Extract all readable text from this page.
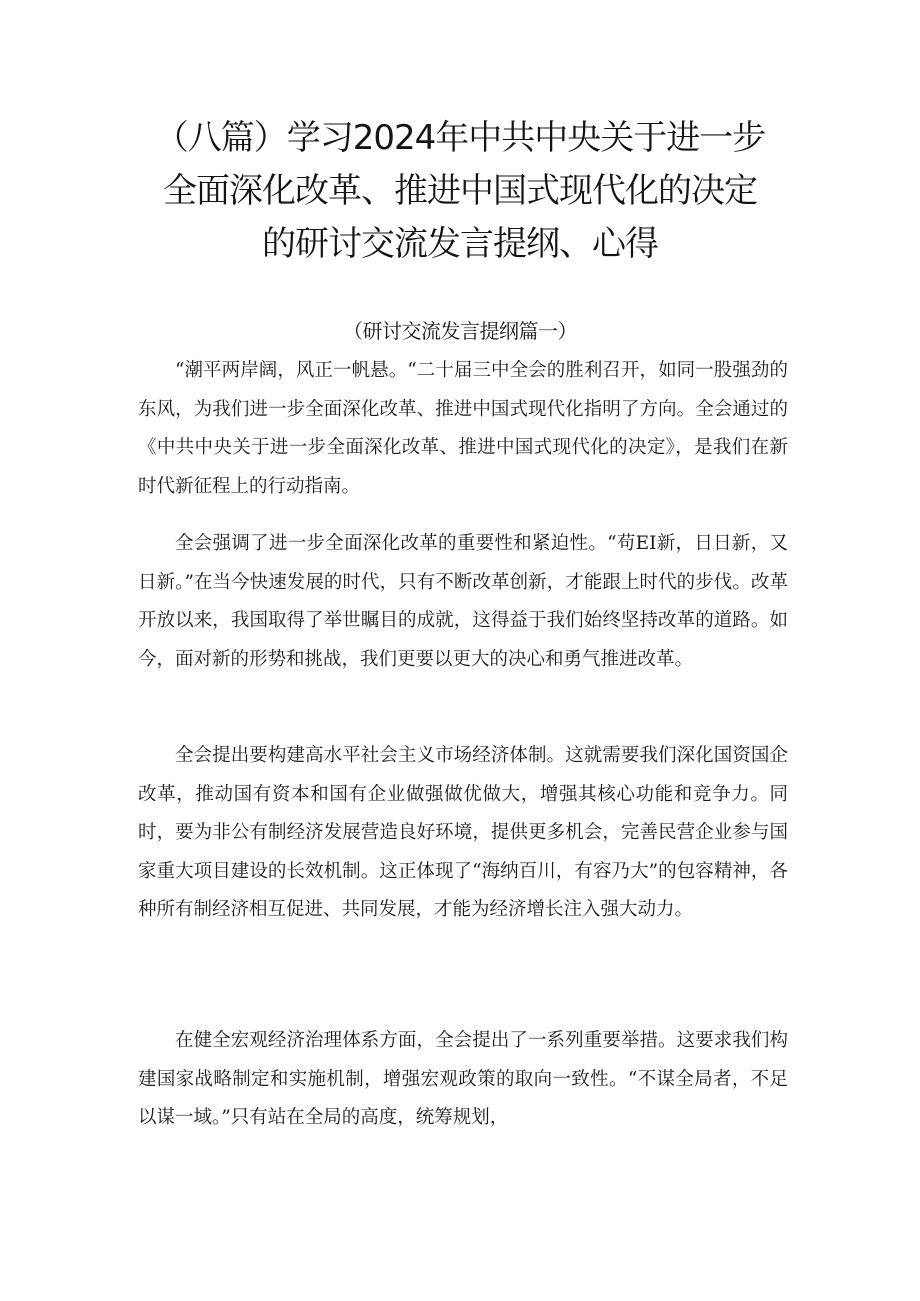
（八篇）学习2024年中共中央关于进一步
全面深化改革、推进中国式现代化的决定
的研讨交流发言提纲、心得
（研讨交流发言提纲篇一）

“潮平两岸阔，风正一帆悬。“二十届三中全会的胜利召开，如同一股强劲的东风，为我们进一步全面深化改革、推进中国式现代化指明了方向。全会通过的《中共中央关于进一步全面深化改革、推进中国式现代化的决定》，是我们在新时代新征程上的行动指南。

全会强调了进一步全面深化改革的重要性和紧迫性。“苟EI新，日日新，又日新。”在当今快速发展的时代，只有不断改革创新，才能跟上时代的步伐。改革开放以来，我国取得了举世瞩目的成就，这得益于我们始终坚持改革的道路。如今，面对新的形势和挑战，我们更要以更大的决心和勇气推进改革。

全会提出要构建高水平社会主义市场经济体制。这就需要我们深化国资国企改革，推动国有资本和国有企业做强做优做大，增强其核心功能和竞争力。同时，要为非公有制经济发展营造良好环境，提供更多机会，完善民营企业参与国家重大项目建设的长效机制。这正体现了“海纳百川，有容乃大”的包容精神，各种所有制经济相互促进、共同发展，才能为经济增长注入强大动力。

在健全宏观经济治理体系方面，全会提出了一系列重要举措。这要求我们构建国家战略制定和实施机制，增强宏观政策的取向一致性。“不谋全局者，不足以谋一域。”只有站在全局的高度，统筹规划，
